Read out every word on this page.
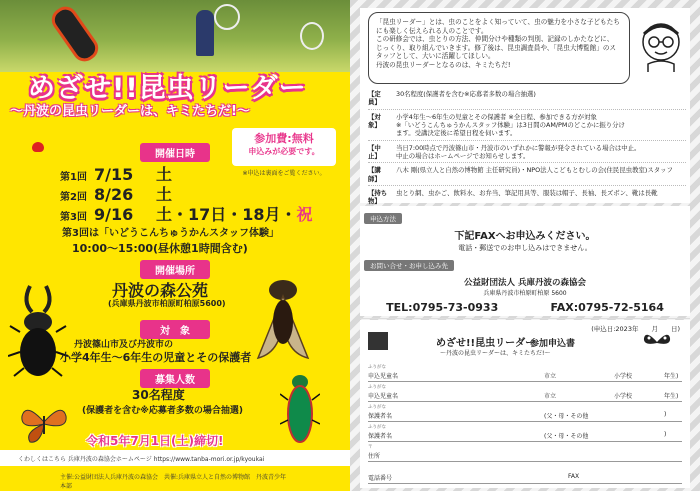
めざせ!!昆虫リーダー
〜丹波の昆虫リーダーは、キミたちだ!〜
参加費:無料
申込みが必要です。
※申込は裏面をご覧ください。
開催日時
第1回 7/15	土
第2回 8/26	土
第3回 9/16	土・17日・18月・祝
第3回は「いどうこんちゅうかんスタッフ体験」
10:00〜15:00(昼休憩1時間含む)
開催場所
丹波の森公苑
(兵庫県丹波市柏原町柏原5600)
対　象
丹波篠山市及び丹波市の
小学4年生〜6年生の児童とその保護者
募集人数
30名程度
(保護者を含む※応募者多数の場合抽選)
令和5年7月1日(土)締切!
くわしくはこちら 兵庫丹波の森協会ホームページ https://www.tanba-mori.or.jp/kyoukai
主催:公益財団法人兵庫丹波の森協会　共催:兵庫県立人と自然の博物館　丹波青少年本部

「昆虫リーダー」とは、虫のことをよく知っていて、虫の魅力を小さな子どもたち
にも楽しく伝えられる人のことです。
この研修会では、虫とりの方法、仲間分けや種類の判別、記録のしかたなどに、
じっくり、取り組んでいきます。修了後は、昆虫調査員や、「昆虫大博覧館」のス
タッフとして、大いに活躍してほしい。
丹波の昆虫リーダーとなるのは、キミたちだ!

【定　員】
30名程度(保護者を含む※応募者多数の場合抽選)
【対　象】
小学4年生〜6年生の児童とその保護者 ※全日程、参加できる方が対象
※「いどうこんちゅうかんスタッフ体験」は3日間のAM/PMのどこかに振り分け
ます。受講決定後に希望日程を伺います。
【中　止】
当日7:00時点で丹波篠山市・丹波市のいずれかに警報が発令されている場合は中止。
中止の場合はホームページでお知らせします。
【講　師】
八木 剛(県立人と自然の博物館 主任研究員)・NPO法人こどもとむしの会(住民昆虫教室)スタッフ
【持ち物】
虫とり網、虫かご、飲料水、お弁当、筆記用具等、服装は帽子、長袖、長ズボン、靴は長靴
申込方法
下記FAXへお申込みください。
電話・郵送でのお申し込みはできません。
お問い合せ・お申し込み先
公益財団法人 兵庫丹波の森協会
兵庫県丹波市柏原町柏原 5600
TEL:0795-73-0933	FAX:0795-72-5164
(申込日:2023年　　月　　日)
めざせ!!昆虫リーダー
参加申込書
〜丹波の昆虫リーダーは、キミたちだ!〜
ふりがな
申込児童名	市立	小学校	年生)
ふりがな
申込児童名	市立	小学校	年生)
ふりがな
保護者名	(父・母・その他	)
ふりがな
保護者名	(父・母・その他	)
〒
住所
電話番号	FAX
